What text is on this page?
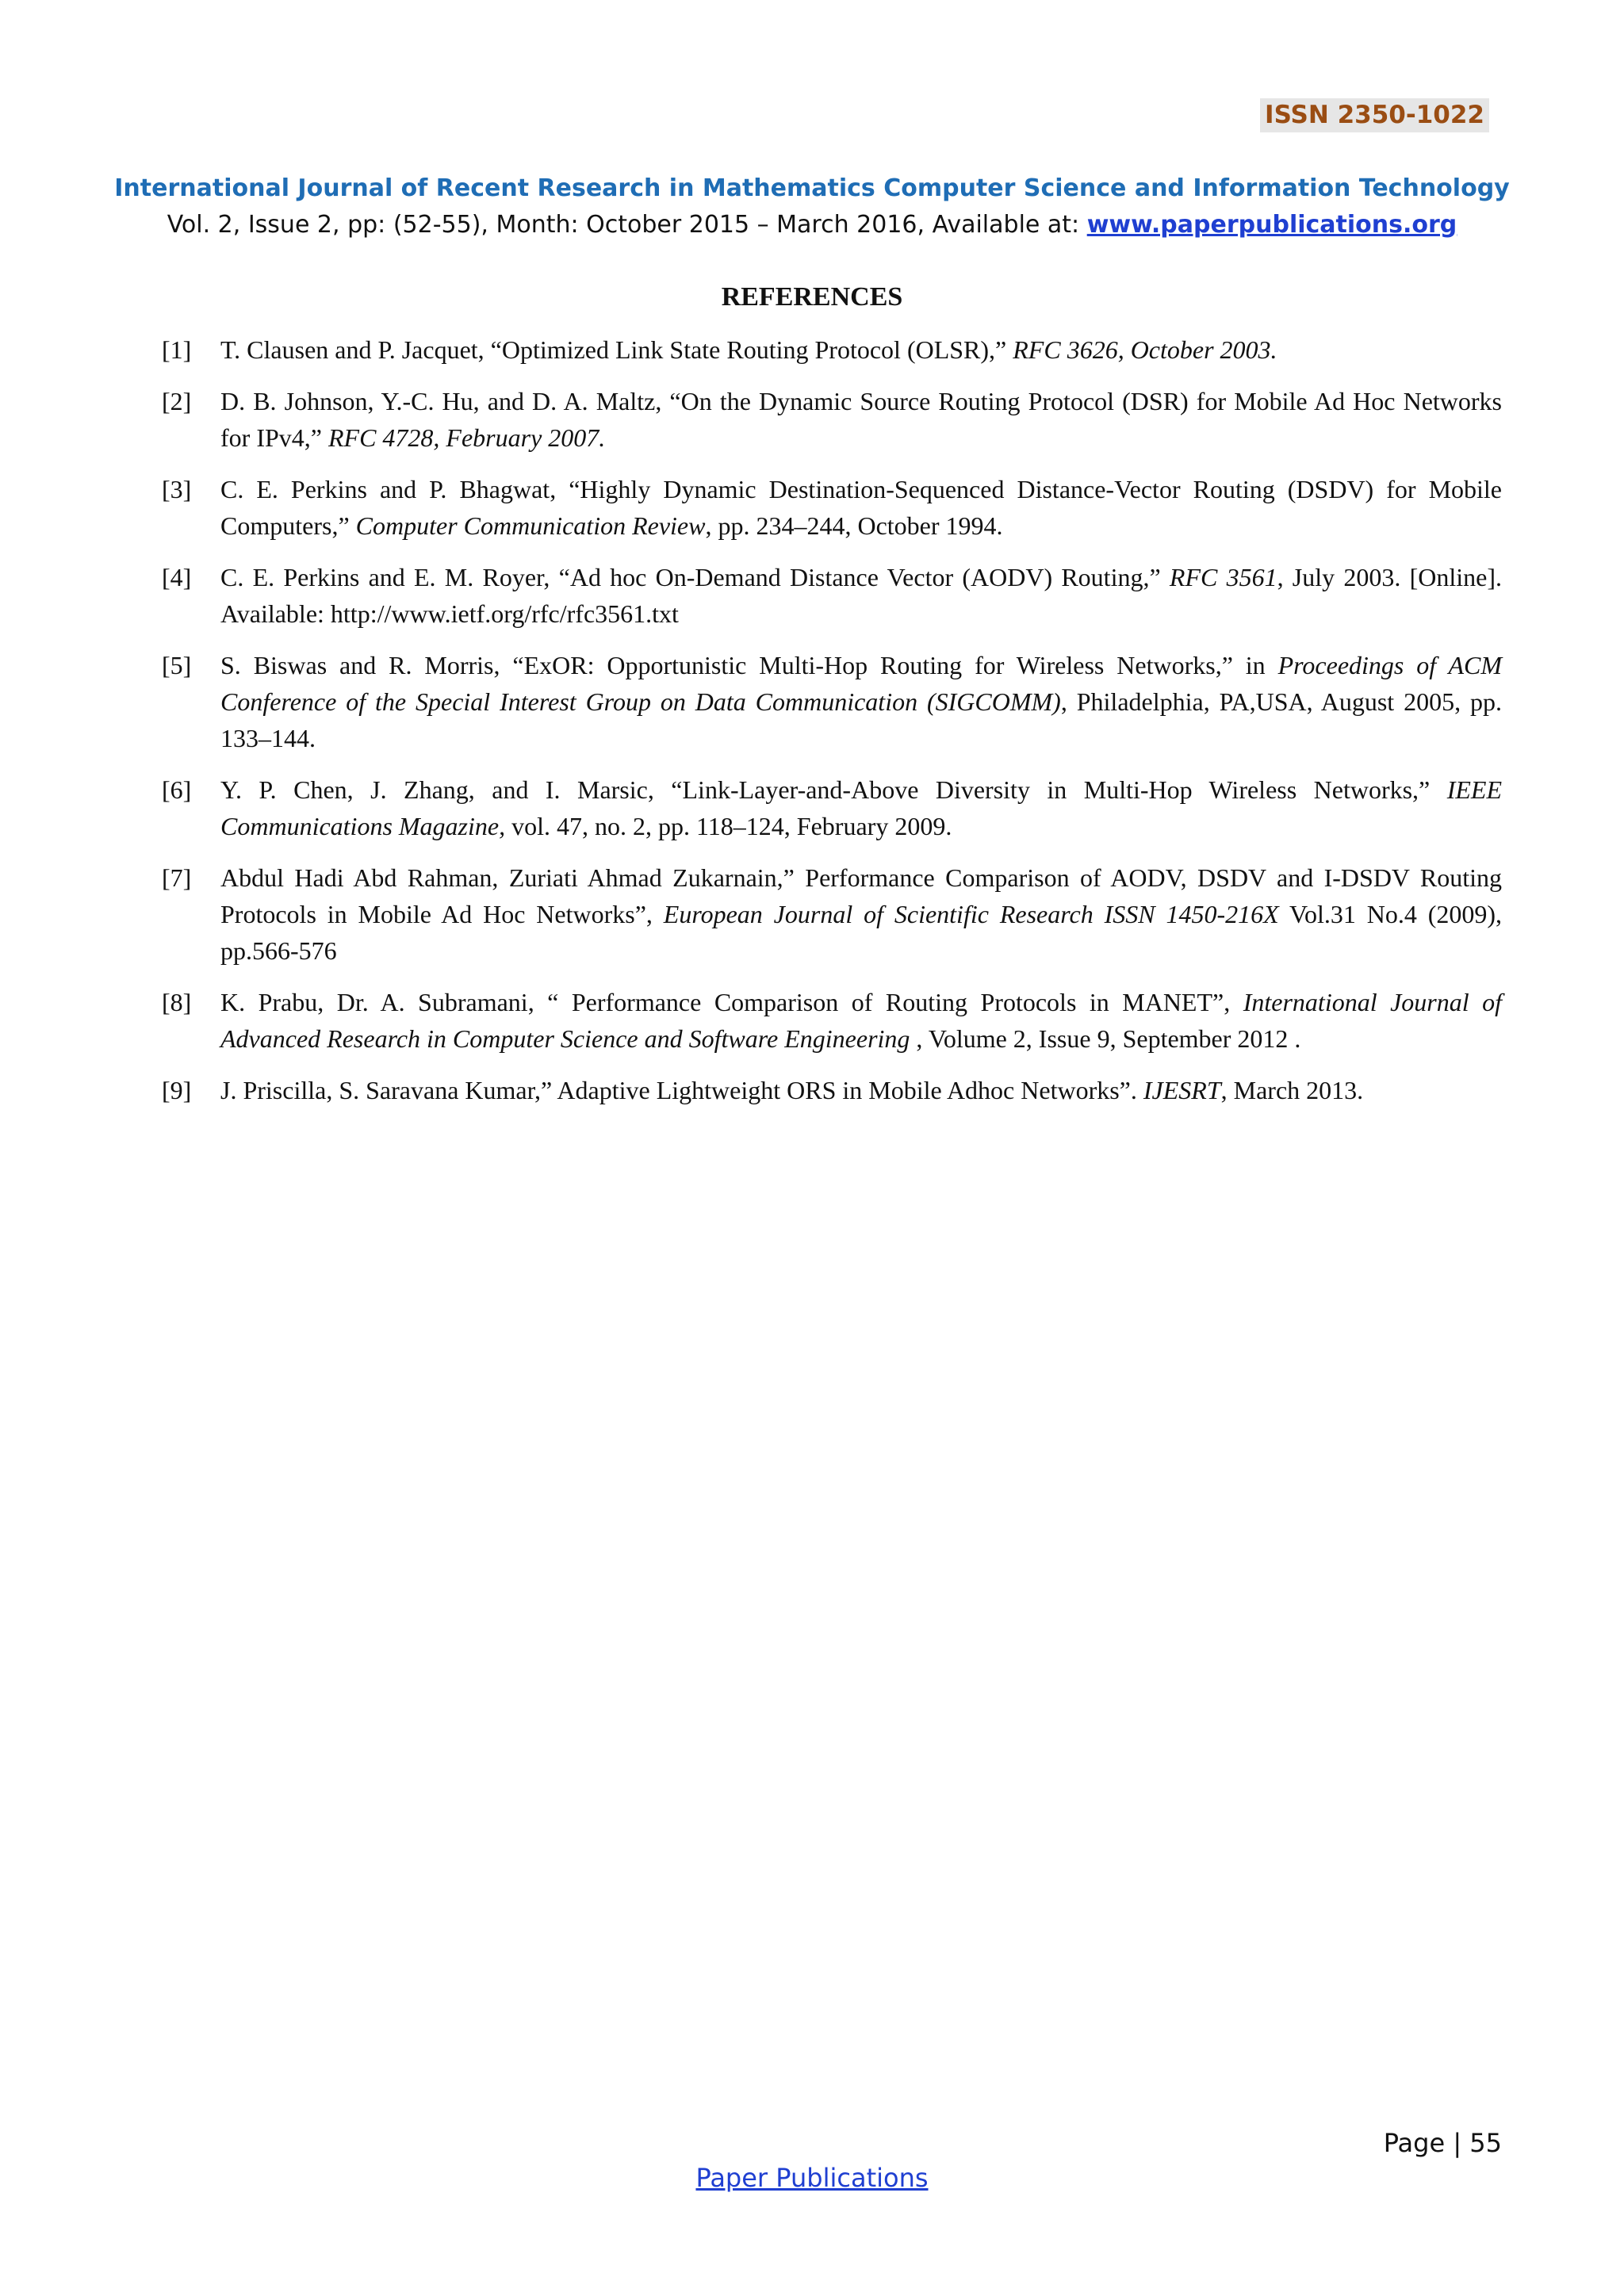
ISSN 2350-1022
International Journal of Recent Research in Mathematics Computer Science and Information Technology
Vol. 2, Issue 2, pp: (52-55), Month: October 2015 – March 2016, Available at: www.paperpublications.org
REFERENCES
[1]	T. Clausen and P. Jacquet, “Optimized Link State Routing Protocol (OLSR),” RFC 3626, October 2003.
[2]	D. B. Johnson, Y.-C. Hu, and D. A. Maltz, “On the Dynamic Source Routing Protocol (DSR) for Mobile Ad Hoc Networks for IPv4,” RFC 4728, February 2007.
[3]	C. E. Perkins and P. Bhagwat, “Highly Dynamic Destination-Sequenced Distance-Vector Routing (DSDV) for Mobile Computers,” Computer Communication Review, pp. 234–244, October 1994.
[4]	C. E. Perkins and E. M. Royer, “Ad hoc On-Demand Distance Vector (AODV) Routing,” RFC 3561, July 2003. [Online]. Available: http://www.ietf.org/rfc/rfc3561.txt
[5]	S. Biswas and R. Morris, “ExOR: Opportunistic Multi-Hop Routing for Wireless Networks,” in Proceedings of ACM Conference of the Special Interest Group on Data Communication (SIGCOMM), Philadelphia, PA,USA, August 2005, pp. 133–144.
[6]	Y. P. Chen, J. Zhang, and I. Marsic, “Link-Layer-and-Above Diversity in Multi-Hop Wireless Networks,” IEEE Communications Magazine, vol. 47, no. 2, pp. 118–124, February 2009.
[7]	Abdul Hadi Abd Rahman, Zuriati Ahmad Zukarnain,” Performance Comparison of AODV, DSDV and I-DSDV Routing Protocols in Mobile Ad Hoc Networks”, European Journal of Scientific Research ISSN 1450-216X Vol.31 No.4 (2009), pp.566-576
[8]	K. Prabu, Dr. A. Subramani, “ Performance Comparison of Routing Protocols in MANET”, International Journal of Advanced Research in Computer Science and Software Engineering , Volume 2, Issue 9, September 2012 .
[9]	J. Priscilla, S. Saravana Kumar,” Adaptive Lightweight ORS in Mobile Adhoc Networks”. IJESRT, March 2013.
Page | 55
Paper Publications
